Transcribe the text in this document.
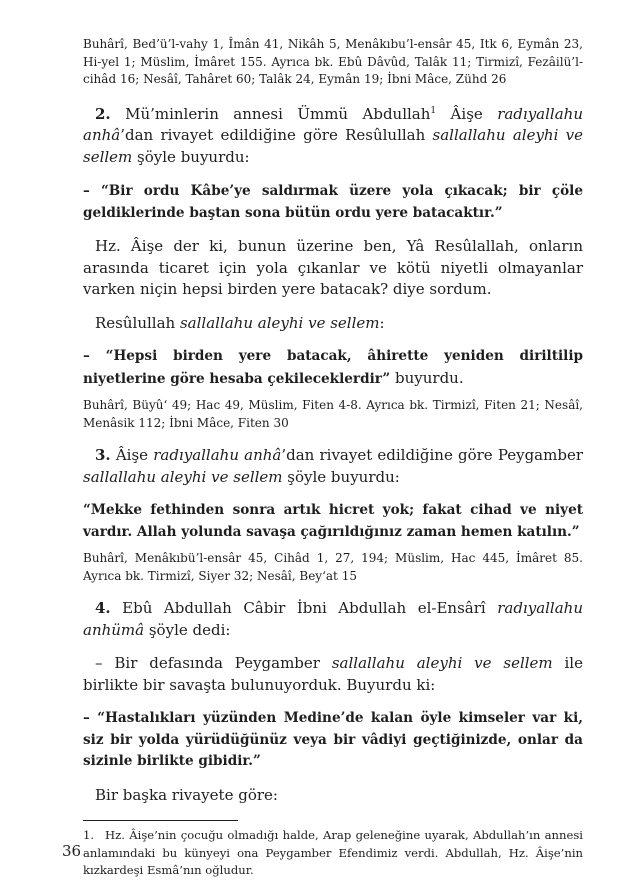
Buhârî, Bed’ü’l-vahy 1, Îmân 41, Nikâh 5, Menâkıbu’l-ensâr 45, Itk 6, Eymân 23, Hi-yel 1; Müslim, İmâret 155. Ayrıca bk. Ebû Dâvûd, Talâk 11; Tirmizî, Fezâilü’l-cihâd 16; Nesâî, Tahâret 60; Talâk 24, Eymân 19; İbni Mâce, Zühd 26

2. Mü’minlerin annesi Ümmü Abdullah$^1$ Âişe radıyallahu anhâ’dan rivayet edildiğine göre Resûlullah sallallahu aleyhi ve sellem şöyle buyurdu:

– “Bir ordu Kâbe’ye saldırmak üzere yola çıkacak; bir çöle geldiklerinde baştan sona bütün ordu yere batacaktır.”

Hz. Âişe der ki, bunun üzerine ben, Yâ Resûlallah, onların arasında ticaret için yola çıkanlar ve kötü niyetli olmayanlar varken niçin hepsi birden yere batacak? diye sordum.

Resûlullah sallallahu aleyhi ve sellem:

– “Hepsi birden yere batacak, âhirette yeniden diriltilip niyetlerine göre hesaba çekileceklerdir” buyurdu.

Buhârî, Büyû‘ 49; Hac 49, Müslim, Fiten 4-8. Ayrıca bk. Tirmizî, Fiten 21; Nesâî, Menâsik 112; İbni Mâce, Fiten 30

3. Âişe radıyallahu anhâ’dan rivayet edildiğine göre Peygamber sallallahu aleyhi ve sellem şöyle buyurdu:

“Mekke fethinden sonra artık hicret yok; fakat cihad ve niyet vardır. Allah yolunda savaşa çağırıldığınız zaman hemen katılın.”

Buhârî, Menâkıbü’l-ensâr 45, Cihâd 1, 27, 194; Müslim, Hac 445, İmâret 85. Ayrıca bk. Tirmizî, Siyer 32; Nesâî, Bey‘at 15

4. Ebû Abdullah Câbir İbni Abdullah el-Ensârî radıyallahu anhümâ şöyle dedi:

– Bir defasında Peygamber sallallahu aleyhi ve sellem ile birlikte bir savaşta bulunuyorduk. Buyurdu ki:

– “Hastalıkları yüzünden Medine’de kalan öyle kimseler var ki, siz bir yolda yürüdüğünüz veya bir vâdiyi geçtiğinizde, onlar da sizinle birlikte gibidir.”

Bir başka rivayete göre:

1. Hz. Âişe’nin çocuğu olmadığı halde, Arap geleneğine uyarak, Abdullah’ın annesi anlamındaki bu künyeyi ona Peygamber Efendimiz verdi. Abdullah, Hz. Âişe’nin kızkardeşi Esmâ’nın oğludur.

36
